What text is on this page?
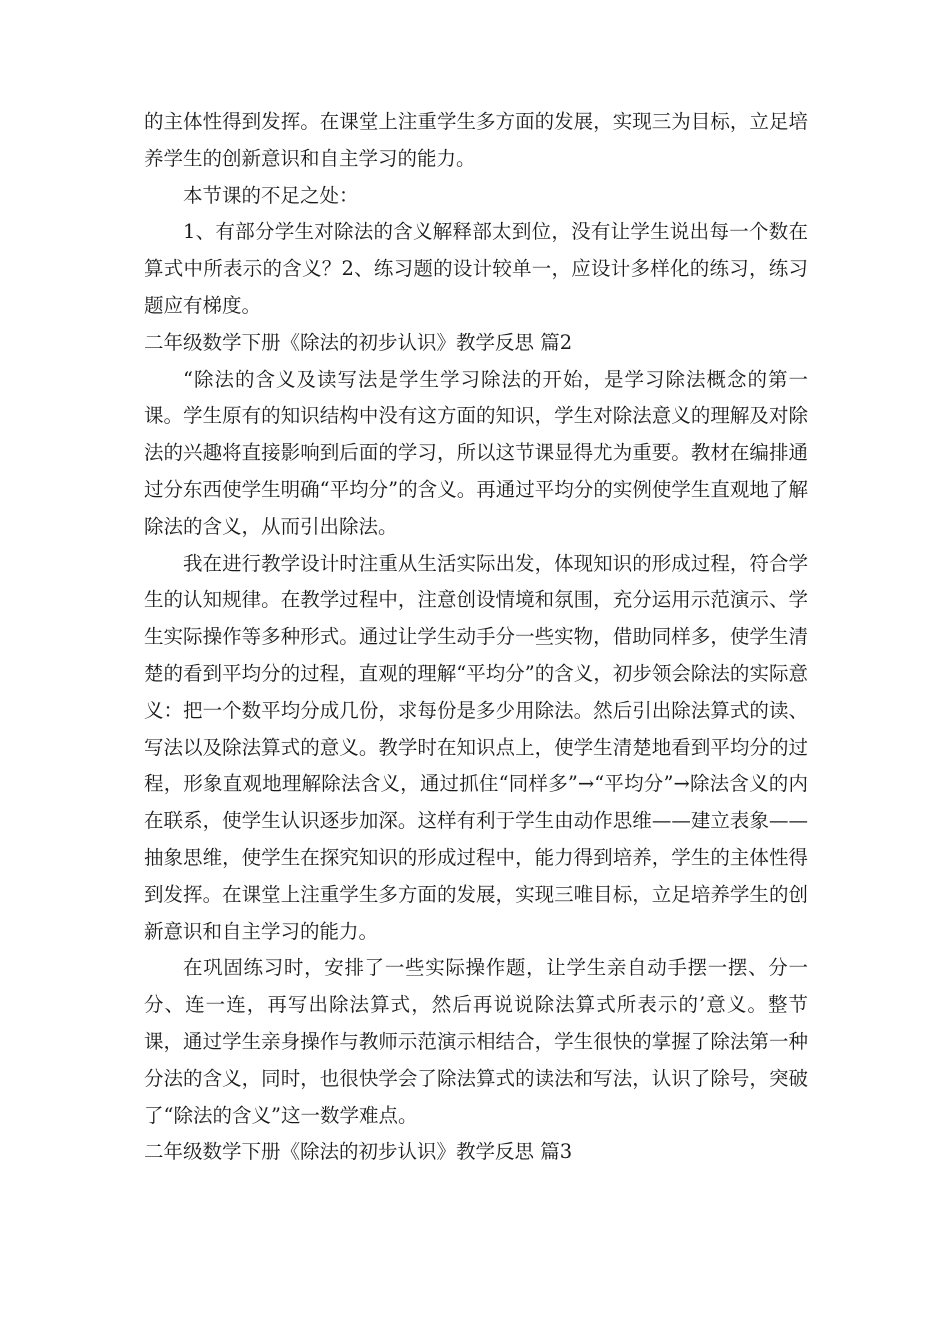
的主体性得到发挥。在课堂上注重学生多方面的发展，实现三为目标，立足培养学生的创新意识和自主学习的能力。

本节课的不足之处：

1、有部分学生对除法的含义解释部太到位，没有让学生说出每一个数在算式中所表示的含义？2、练习题的设计较单一，应设计多样化的练习，练习题应有梯度。

二年级数学下册《除法的初步认识》教学反思 篇2

“除法的含义及读写法是学生学习除法的开始，是学习除法概念的第一课。学生原有的知识结构中没有这方面的知识，学生对除法意义的理解及对除法的兴趣将直接影响到后面的学习，所以这节课显得尤为重要。教材在编排通过分东西使学生明确“平均分”的含义。再通过平均分的实例使学生直观地了解除法的含义，从而引出除法。

我在进行教学设计时注重从生活实际出发，体现知识的形成过程，符合学生的认知规律。在教学过程中，注意创设情境和氛围，充分运用示范演示、学生实际操作等多种形式。通过让学生动手分一些实物，借助同样多，使学生清楚的看到平均分的过程，直观的理解“平均分”的含义，初步领会除法的实际意义：把一个数平均分成几份，求每份是多少用除法。然后引出除法算式的读、写法以及除法算式的意义。教学时在知识点上，使学生清楚地看到平均分的过程，形象直观地理解除法含义，通过抓住“同样多”→“平均分”→除法含义的内在联系，使学生认识逐步加深。这样有利于学生由动作思维——建立表象——抽象思维，使学生在探究知识的形成过程中，能力得到培养，学生的主体性得到发挥。在课堂上注重学生多方面的发展，实现三唯目标，立足培养学生的创新意识和自主学习的能力。

在巩固练习时，安排了一些实际操作题，让学生亲自动手摆一摆、分一分、连一连，再写出除法算式，然后再说说除法算式所表示的’意义。整节课，通过学生亲身操作与教师示范演示相结合，学生很快的掌握了除法第一种分法的含义，同时，也很快学会了除法算式的读法和写法，认识了除号，突破了“除法的含义”这一数学难点。

二年级数学下册《除法的初步认识》教学反思 篇3
